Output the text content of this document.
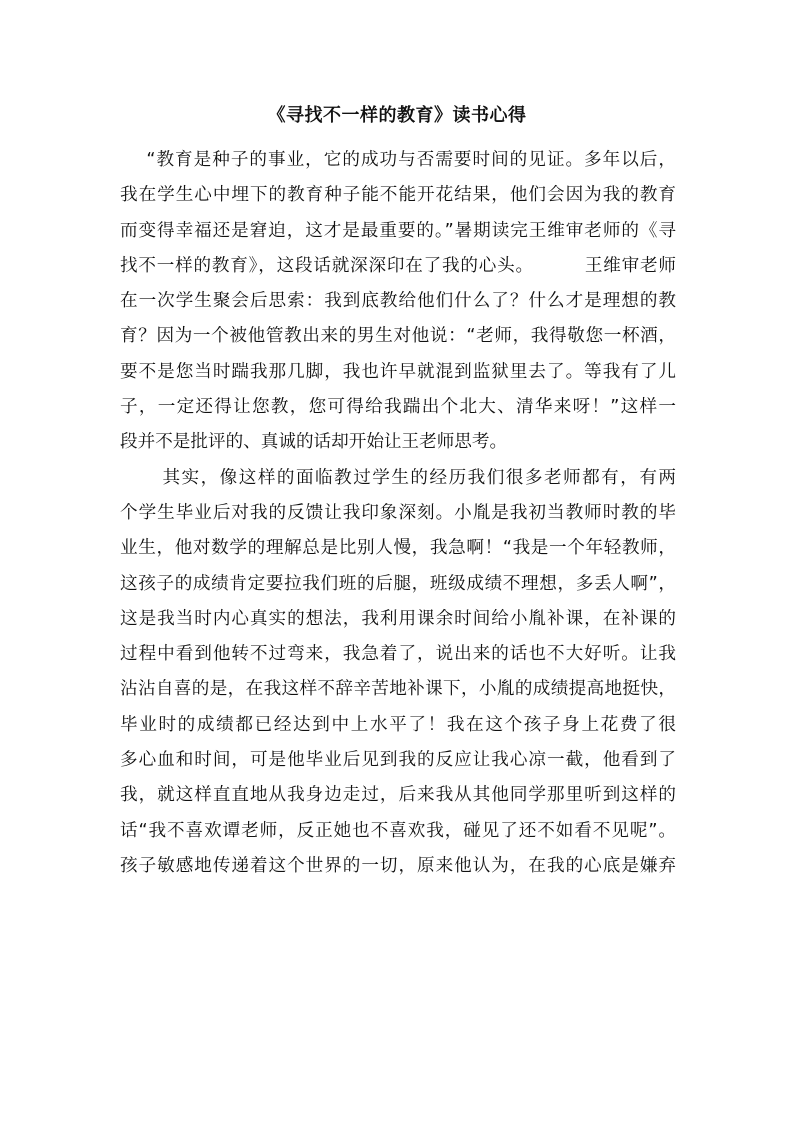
《寻找不一样的教育》读书心得
“教育是种子的事业，它的成功与否需要时间的见证。多年以后，
我在学生心中埋下的教育种子能不能开花结果，他们会因为我的教育
而变得幸福还是窘迫，这才是最重要的。”暑期读完王维审老师的《寻
找不一样的教育》，这段话就深深印在了我的心头。        王维审老师
在一次学生聚会后思索：我到底教给他们什么了？什么才是理想的教
育？因为一个被他管教出来的男生对他说：“老师，我得敬您一杯酒，
要不是您当时踹我那几脚，我也许早就混到监狱里去了。等我有了儿
子，一定还得让您教，您可得给我踹出个北大、清华来呀！”这样一
段并不是批评的、真诚的话却开始让王老师思考。
其实，像这样的面临教过学生的经历我们很多老师都有，有两
个学生毕业后对我的反馈让我印象深刻。小胤是我初当教师时教的毕
业生，他对数学的理解总是比别人慢，我急啊！“我是一个年轻教师，
这孩子的成绩肯定要拉我们班的后腿，班级成绩不理想，多丢人啊”，
这是我当时内心真实的想法，我利用课余时间给小胤补课，在补课的
过程中看到他转不过弯来，我急着了，说出来的话也不大好听。让我
沾沾自喜的是，在我这样不辞辛苦地补课下，小胤的成绩提高地挺快，
毕业时的成绩都已经达到中上水平了！我在这个孩子身上花费了很
多心血和时间，可是他毕业后见到我的反应让我心凉一截，他看到了
我，就这样直直地从我身边走过，后来我从其他同学那里听到这样的
话“我不喜欢谭老师，反正她也不喜欢我，碰见了还不如看不见呢”。
孩子敏感地传递着这个世界的一切，原来他认为，在我的心底是嫌弃
